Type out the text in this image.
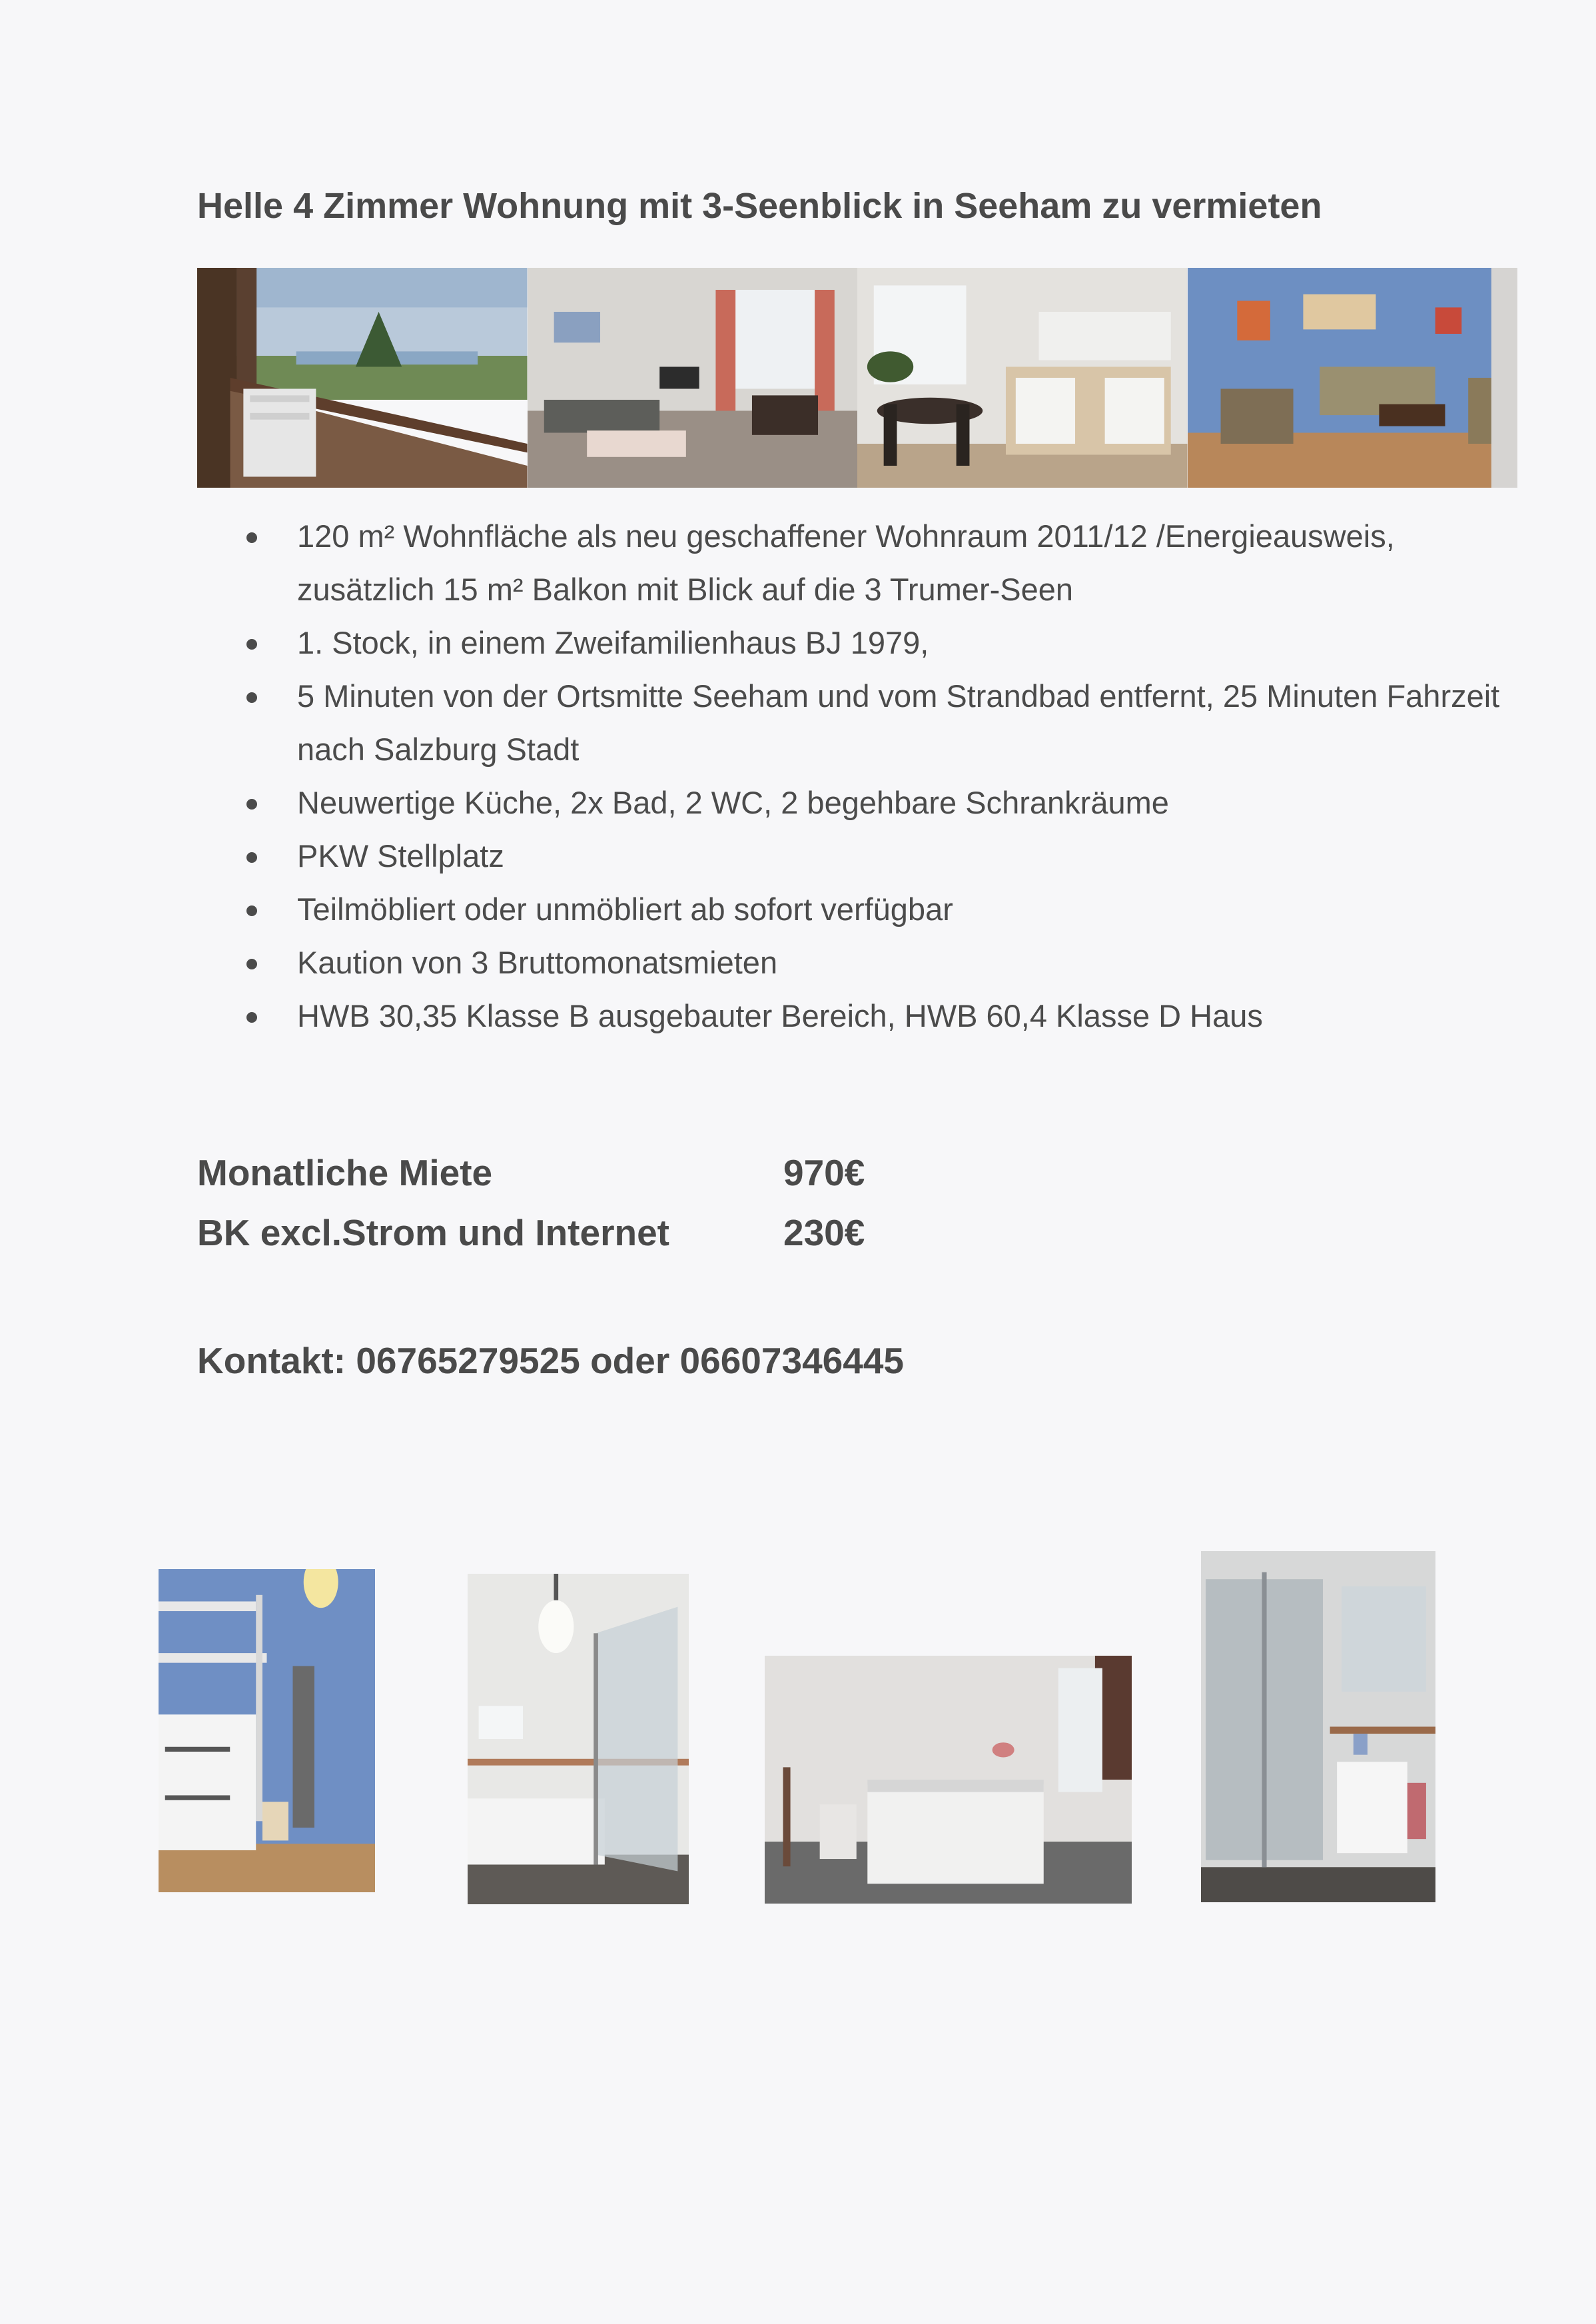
Helle 4 Zimmer Wohnung mit 3-Seenblick in Seeham zu vermieten
120 m² Wohnfläche als neu geschaffener Wohnraum 2011/12 /Energieausweis, zusätzlich 15 m² Balkon mit Blick auf die 3 Trumer-Seen
1. Stock, in einem Zweifamilienhaus BJ 1979,
5 Minuten von der Ortsmitte Seeham und vom Strandbad entfernt, 25 Minuten Fahrzeit nach Salzburg Stadt
Neuwertige Küche, 2x Bad, 2 WC, 2 begehbare Schrankräume
PKW Stellplatz
Teilmöbliert oder unmöbliert ab sofort verfügbar
Kaution von 3 Bruttomonatsmieten
HWB 30,35 Klasse B ausgebauter Bereich, HWB 60,4 Klasse D Haus
Monatliche Miete	970€
BK excl.Strom und Internet	230€
Kontakt: 06765279525 oder 06607346445
